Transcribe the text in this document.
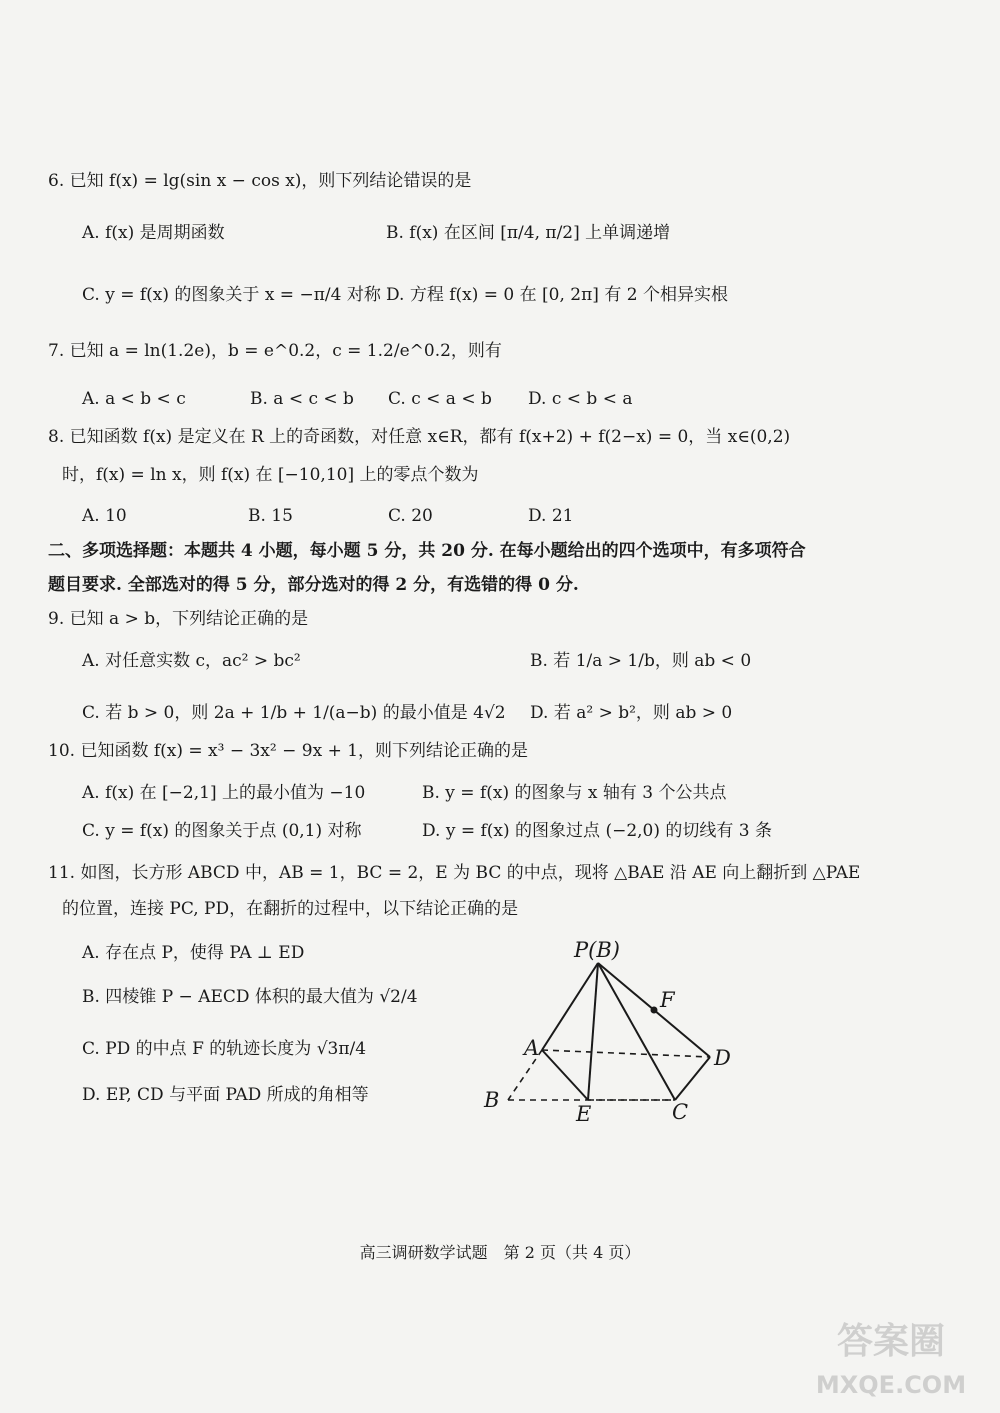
6. 已知 f(x) = lg(sin x − cos x)，则下列结论错误的是
A. f(x) 是周期函数	B. f(x) 在区间 [π/4, π/2] 上单调递增
C. y = f(x) 的图象关于 x = −π/4 对称 D. 方程 f(x) = 0 在 [0, 2π] 有 2 个相异实根
7. 已知 a = ln(1.2e)，b = e^0.2，c = 1.2/e^0.2，则有
A. a < b < c	B. a < c < b C. c < a < b D. c < b < a
8. 已知函数 f(x) 是定义在 R 上的奇函数，对任意 x∈R，都有 f(x+2) + f(2−x) = 0，当 x∈(0,2)
时，f(x) = ln x，则 f(x) 在 [−10,10] 上的零点个数为
A. 10	B. 15	C. 20	D. 21
二、多项选择题：本题共 4 小题，每小题 5 分，共 20 分. 在每小题给出的四个选项中，有多项符合
题目要求. 全部选对的得 5 分，部分选对的得 2 分，有选错的得 0 分.
9. 已知 a > b，下列结论正确的是
A. 对任意实数 c，ac² > bc²	B. 若 1/a > 1/b，则 ab < 0
C. 若 b > 0，则 2a + 1/b + 1/(a−b) 的最小值是 4√2 D. 若 a² > b²，则 ab > 0
10. 已知函数 f(x) = x³ − 3x² − 9x + 1，则下列结论正确的是
A. f(x) 在 [−2,1] 上的最小值为 −10	B. y = f(x) 的图象与 x 轴有 3 个公共点
C. y = f(x) 的图象关于点 (0,1) 对称	D. y = f(x) 的图象过点 (−2,0) 的切线有 3 条
11. 如图，长方形 ABCD 中，AB = 1，BC = 2，E 为 BC 的中点，现将 △BAE 沿 AE 向上翻折到 △PAE
的位置，连接 PC, PD，在翻折的过程中，以下结论正确的是
A. 存在点 P，使得 PA ⊥ ED
B. 四棱锥 P − AECD 体积的最大值为 √2/4
C. PD 的中点 F 的轨迹长度为 √3π/4
D. EP, CD 与平面 PAD 所成的角相等
P(B)
F
A	D
B
E	C
高三调研数学试题　第 2 页（共 4 页）
答案圈
MXQE.COM
